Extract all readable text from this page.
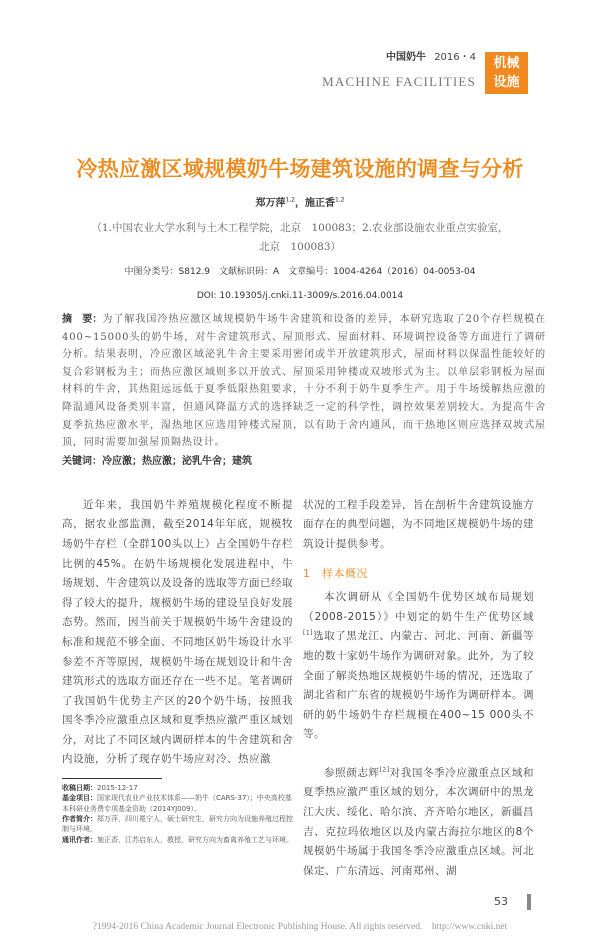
中国奶牛 2016・4
MACHINE FACILITIES
机械
设施
冷热应激区域规模奶牛场建筑设施的调查与分析
郑万萍$^{1,2}$，施正香$^{1,2}$
（1.中国农业大学水利与土木工程学院，北京　100083；2.农业部设施农业重点实验室，
北京　100083）
中图分类号：S812.9　文献标识码：A　文章编号：1004-4264（2016）04-0053-04
DOI: 10.19305/j.cnki.11-3009/s.2016.04.0014
摘　要：为了解我国冷热应激区域规模奶牛场牛舍建筑和设备的差异，本研究选取了20个存栏规模在400~15000头的奶牛场，对牛舍建筑形式、屋顶形式、屋面材料、环境调控设备等方面进行了调研分析。结果表明，冷应激区域泌乳牛舍主要采用密闭或半开放建筑形式，屋面材料以保温性能较好的复合彩钢板为主；而热应激区域则多以开放式、屋顶采用钟楼或双坡形式为主。以单层彩钢板为屋面材料的牛舍，其热阻远远低于夏季低限热阻要求，十分不利于奶牛夏季生产。用于牛场缓解热应激的降温通风设备类别丰富，但通风降温方式的选择缺乏一定的科学性，调控效果差别较大。为提高牛舍夏季抗热应激水平，湿热地区应选用钟楼式屋顶，以有助于舍内通风，而干热地区则应选择双坡式屋顶，同时需要加强屋顶隔热设计。
关键词：冷应激；热应激；泌乳牛舍；建筑

近年来，我国奶牛养殖规模化程度不断提高，据农业部监测，截至2014年年底，规模牧场奶牛存栏（全群100头以上）占全国奶牛存栏比例的45%。在奶牛场规模化发展进程中，牛场规划、牛舍建筑以及设备的选取等方面已经取得了较大的提升，规模奶牛场的建设呈良好发展态势。然而，因当前关于规模奶牛场牛舍建设的标准和规范不够全面、不同地区奶牛场设计水平参差不齐等原因，规模奶牛场在规划设计和牛舍建筑形式的选取方面还存在一些不足。笔者调研了我国奶牛优势主产区的20个奶牛场，按照我国冬季冷应激重点区域和夏季热应激严重区域划分，对比了不同区域内调研样本的牛舍建筑和舍内设施，分析了现存奶牛场应对冷、热应激

收稿日期：2015-12-17
基金项目：国家现代农业产业技术体系——奶牛（CARS-37）；中央高校基本科研业务费专项基金资助（2014YJ009）。
作者简介：郑万萍，四川冕宁人，硕士研究生，研究方向为设施养殖过程控制与环境。
通讯作者：施正香，江苏启东人，教授，研究方向为畜禽养殖工艺与环境。

状况的工程手段差异，旨在剖析牛舍建筑设施方面存在的典型问题，为不同地区规模奶牛场的建筑设计提供参考。

1　样本概况

本次调研从《全国奶牛优势区域布局规划（2008-2015）》中划定的奶牛生产优势区域[1]选取了黑龙江、内蒙古、河北、河南、新疆等地的数十家奶牛场作为调研对象。此外，为了较全面了解炎热地区规模奶牛场的情况，还选取了湖北省和广东省的规模奶牛场作为调研样本。调研的奶牛场奶牛存栏规模在400~15 000头不等。

参照颜志辉[2]对我国冬季冷应激重点区域和夏季热应激严重区域的划分，本次调研中的黑龙江大庆、绥化、哈尔滨、齐齐哈尔地区，新疆昌吉、克拉玛依地区以及内蒙古海拉尔地区的8个规模奶牛场属于我国冬季冷应激重点区域。河北保定、广东清远、河南郑州、湖

53
?1994-2016 China Academic Journal Electronic Publishing House. All rights reserved.　http://www.cnki.net
